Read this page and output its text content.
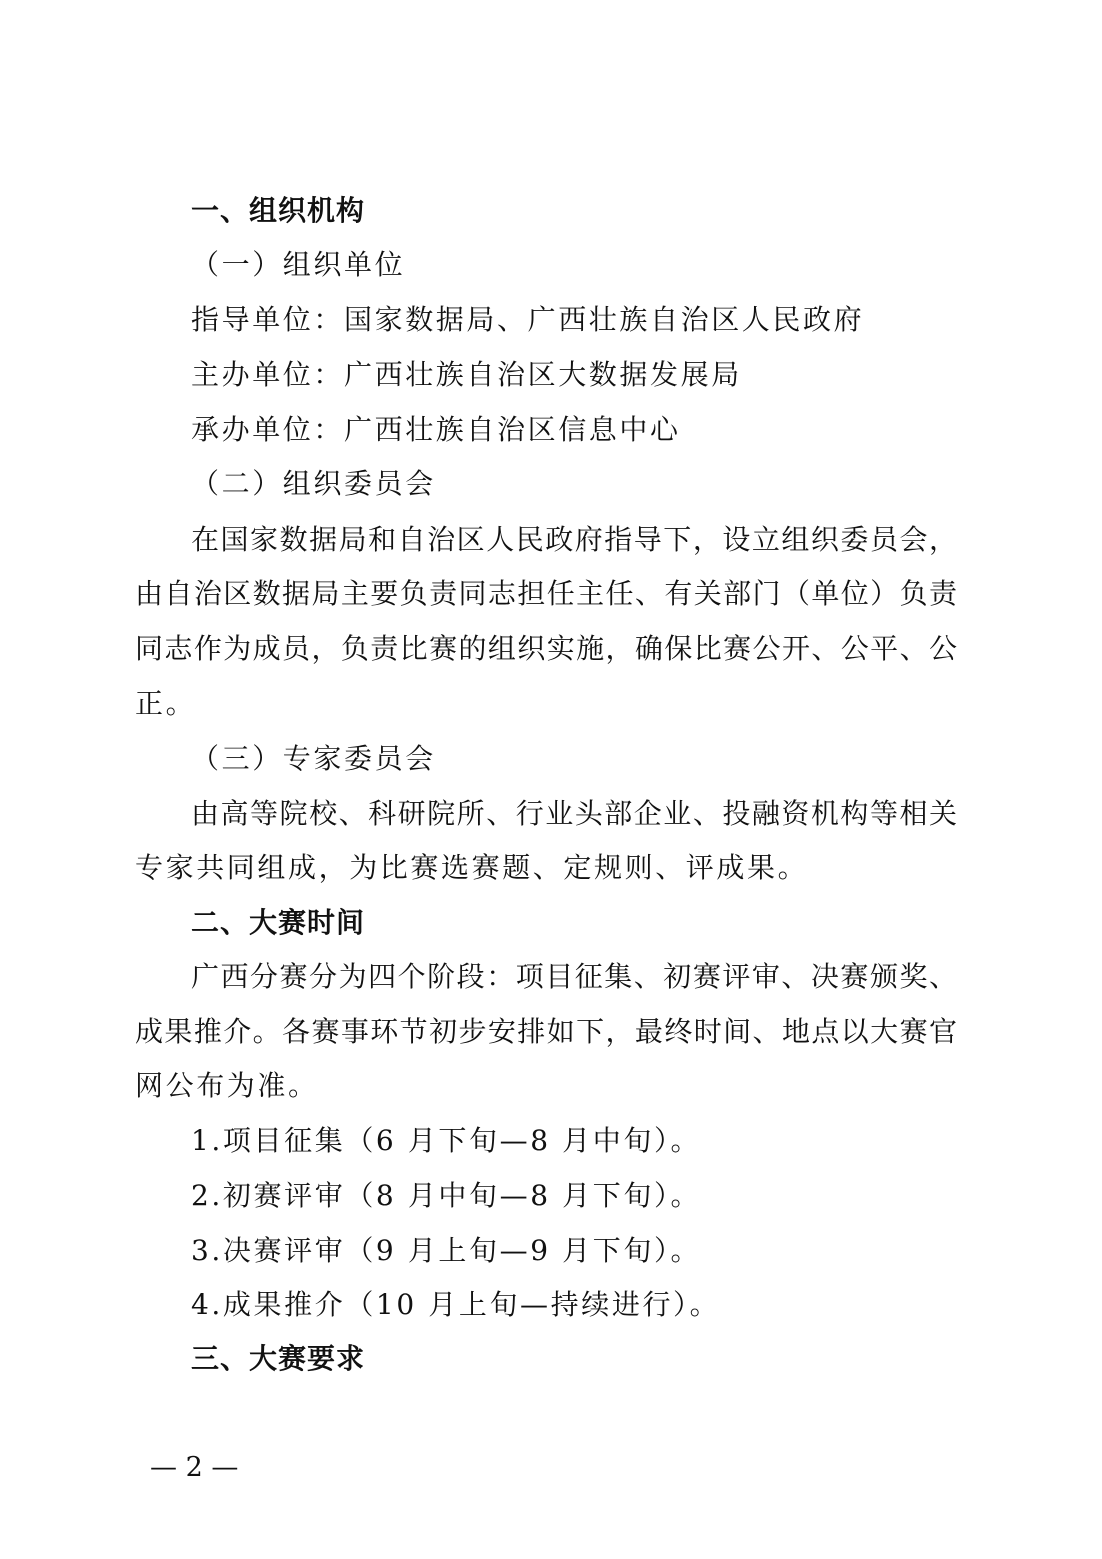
一、组织机构
（一）组织单位
指导单位：国家数据局、广西壮族自治区人民政府
主办单位：广西壮族自治区大数据发展局
承办单位：广西壮族自治区信息中心
（二）组织委员会
在国家数据局和自治区人民政府指导下，设立组织委员会，
由自治区数据局主要负责同志担任主任、有关部门（单位）负责
同志作为成员，负责比赛的组织实施，确保比赛公开、公平、公
正。
（三）专家委员会
由高等院校、科研院所、行业头部企业、投融资机构等相关
专家共同组成，为比赛选赛题、定规则、评成果。
二、大赛时间
广西分赛分为四个阶段：项目征集、初赛评审、决赛颁奖、
成果推介。各赛事环节初步安排如下，最终时间、地点以大赛官
网公布为准。
1.项目征集（6 月下旬—8 月中旬）。
2.初赛评审（8 月中旬—8 月下旬）。
3.决赛评审（9 月上旬—9 月下旬）。
4.成果推介（10 月上旬—持续进行）。
三、大赛要求
— 2 —
